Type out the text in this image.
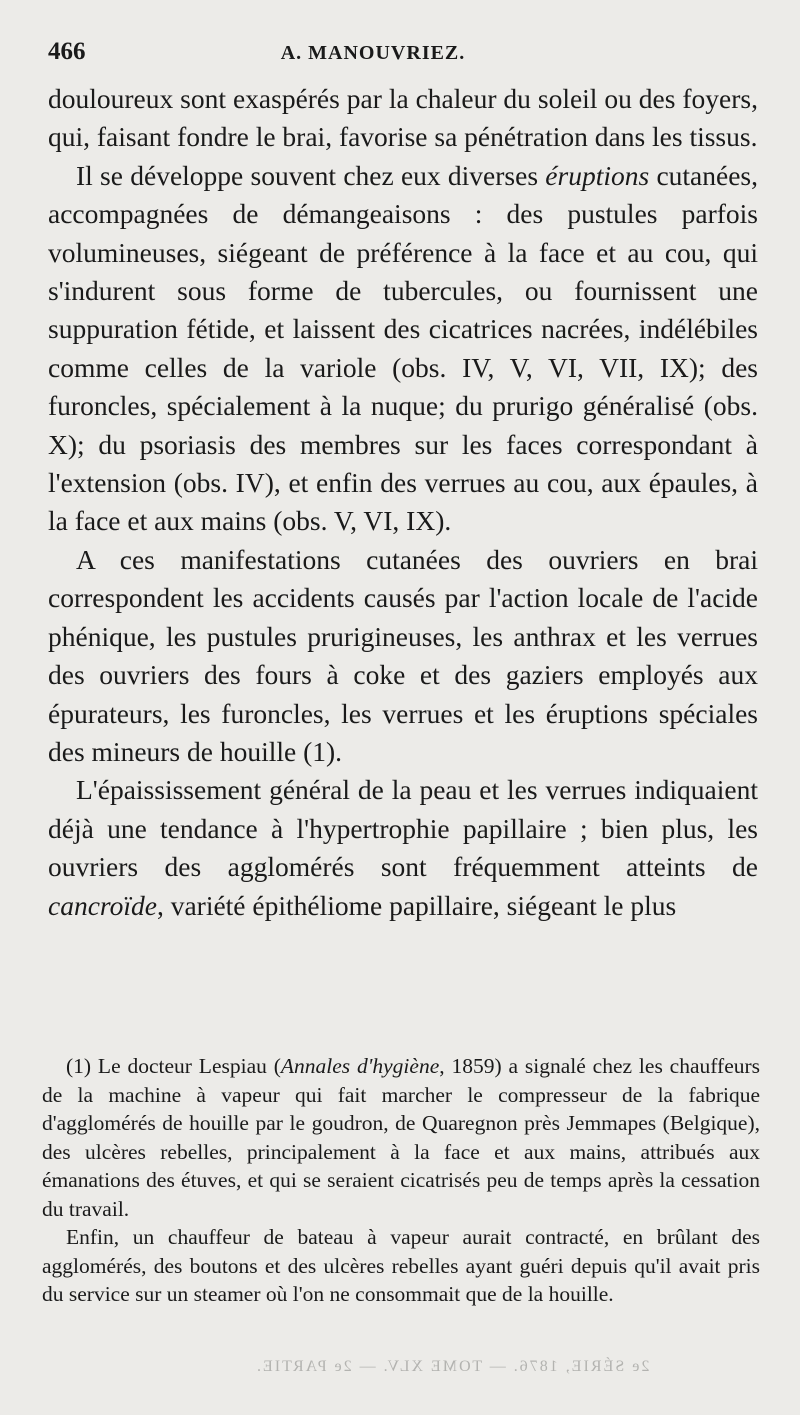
466	A. MANOUVRIEZ.

douloureux sont exaspérés par la chaleur du soleil ou des foyers, qui, faisant fondre le brai, favorise sa pénétration dans les tissus.

Il se développe souvent chez eux diverses éruptions cutanées, accompagnées de démangeaisons : des pustules parfois volumineuses, siégeant de préférence à la face et au cou, qui s'indurent sous forme de tubercules, ou fournissent une suppuration fétide, et laissent des cicatrices nacrées, indélébiles comme celles de la variole (obs. IV, V, VI, VII, IX); des furoncles, spécialement à la nuque; du prurigo généralisé (obs. X); du psoriasis des membres sur les faces correspondant à l'extension (obs. IV), et enfin des verrues au cou, aux épaules, à la face et aux mains (obs. V, VI, IX).

A ces manifestations cutanées des ouvriers en brai correspondent les accidents causés par l'action locale de l'acide phénique, les pustules prurigineuses, les anthrax et les verrues des ouvriers des fours à coke et des gaziers employés aux épurateurs, les furoncles, les verrues et les éruptions spéciales des mineurs de houille (1).

L'épaississement général de la peau et les verrues indiquaient déjà une tendance à l'hypertrophie papillaire ; bien plus, les ouvriers des agglomérés sont fréquemment atteints de cancroïde, variété épithéliome papillaire, siégeant le plus

(1) Le docteur Lespiau (Annales d'hygiène, 1859) a signalé chez les chauffeurs de la machine à vapeur qui fait marcher le compresseur de la fabrique d'agglomérés de houille par le goudron, de Quaregnon près Jemmapes (Belgique), des ulcères rebelles, principalement à la face et aux mains, attribués aux émanations des étuves, et qui se seraient cicatrisés peu de temps après la cessation du travail.

Enfin, un chauffeur de bateau à vapeur aurait contracté, en brûlant des agglomérés, des boutons et des ulcères rebelles ayant guéri depuis qu'il avait pris du service sur un steamer où l'on ne consommait que de la houille.

2e SÉRIE, 1876. — TOME XLV. — 2e PARTIE.
